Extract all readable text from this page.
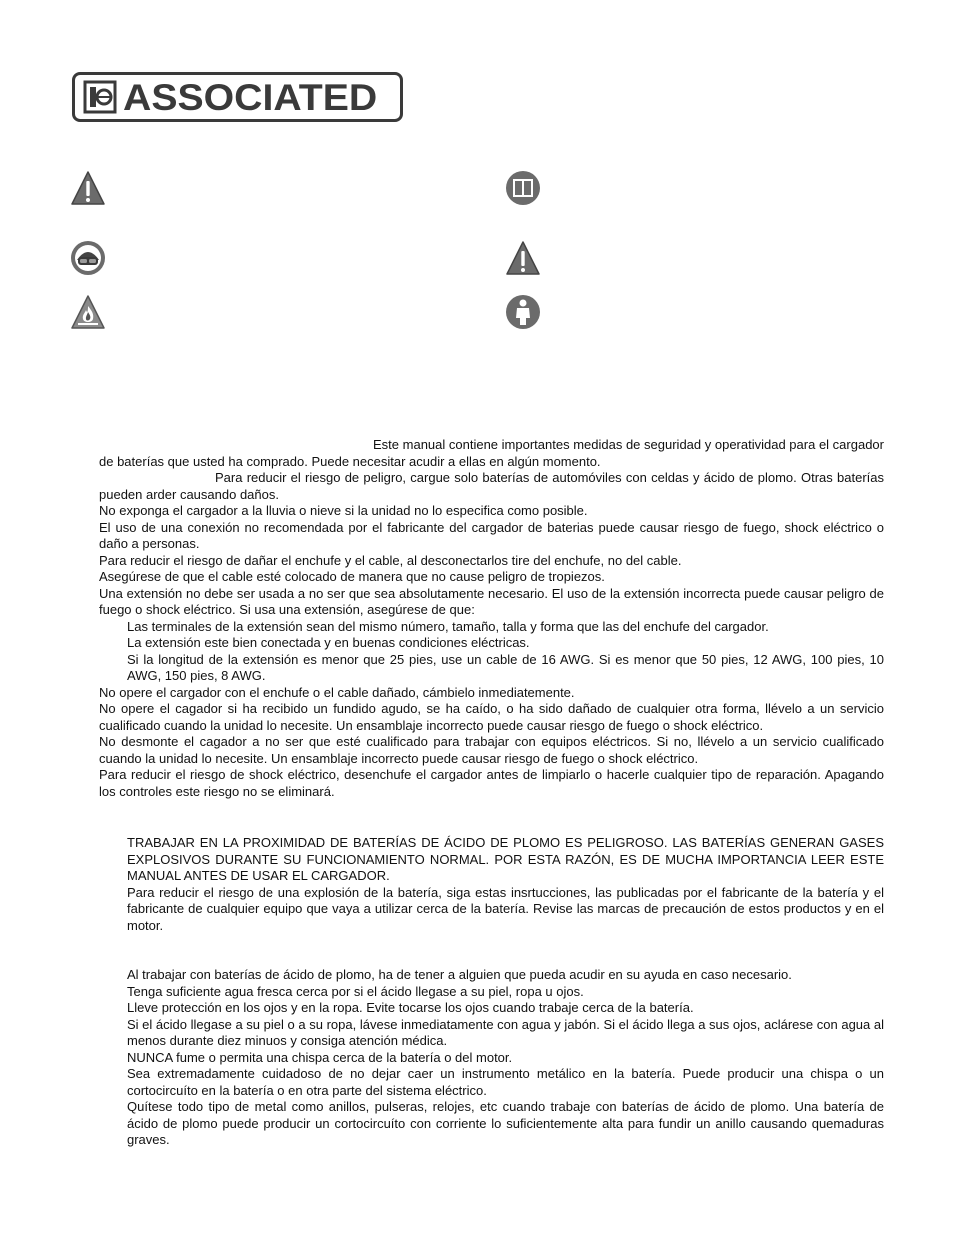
ASSOCIATED

Este manual contiene importantes medidas de seguridad y operatividad para el cargador de baterías que usted ha comprado. Puede necesitar acudir a ellas en algún momento.

Para reducir el riesgo de peligro, cargue solo baterías de automóviles con celdas y ácido de plomo. Otras baterías pueden arder causando daños.

No exponga el cargador a la lluvia o nieve si la unidad no lo especifica como posible.

El uso de una conexión no recomendada por el fabricante del cargador de baterias puede causar riesgo de fuego, shock eléctrico o daño a personas.

Para reducir el riesgo de dañar el enchufe y el cable, al desconectarlos tire del enchufe, no del cable.

Asegúrese de que el cable esté colocado de manera que no cause peligro de tropiezos.

Una extensión no debe ser usada a no ser que sea absolutamente necesario. El uso de la extensión incorrecta puede causar peligro de fuego o shock eléctrico. Si usa una extensión, asegúrese de que:

Las terminales de la extensión sean del mismo número, tamaño, talla y forma que las del enchufe del cargador.

La extensión este bien conectada y en buenas condiciones eléctricas.

Si la longitud de la extensión es menor que 25 pies, use un cable de 16 AWG. Si es menor que 50 pies, 12 AWG, 100 pies, 10 AWG, 150 pies, 8 AWG.

No opere el cargador con el enchufe o el cable dañado, cámbielo inmediatemente.

No opere el cagador si ha recibido un fundido agudo, se ha caído, o ha sido dañado de cualquier otra forma, llévelo a un servicio cualificado cuando la unidad lo necesite. Un ensamblaje incorrecto puede causar riesgo de fuego o shock eléctrico.

No desmonte el cagador a no ser que esté cualificado para trabajar con equipos eléctricos. Si no, llévelo a un servicio cualificado cuando la unidad lo necesite. Un ensamblaje incorrecto puede causar riesgo de fuego o shock eléctrico.

Para reducir el riesgo de shock eléctrico, desenchufe el cargador antes de limpiarlo o hacerle cualquier tipo de reparación. Apagando los controles este riesgo no se eliminará.

TRABAJAR EN LA PROXIMIDAD DE BATERÍAS DE ÁCIDO DE PLOMO ES PELIGROSO. LAS BATERÍAS GENERAN GASES EXPLOSIVOS DURANTE SU FUNCIONAMIENTO NORMAL. POR ESTA RAZÓN, ES DE MUCHA IMPORTANCIA LEER ESTE MANUAL ANTES DE USAR EL CARGADOR.

Para reducir el riesgo de una explosión de la batería, siga estas insrtucciones, las publicadas por el fabricante de la batería y el fabricante de cualquier equipo que vaya a utilizar cerca de la batería. Revise las marcas de precaución de estos productos y en el motor.

Al trabajar con baterías de ácido de plomo, ha de tener a alguien que pueda acudir en su ayuda en caso necesario.

Tenga suficiente agua fresca cerca por si el ácido llegase a su piel, ropa u ojos.

Lleve protección en los ojos y en la ropa. Evite tocarse los ojos cuando trabaje cerca de la batería.

Si el ácido llegase a su piel o a su ropa, lávese inmediatamente con agua y jabón. Si el ácido llega a sus ojos, aclárese con agua al menos durante diez minuos y consiga atención médica.

NUNCA fume o permita una chispa cerca de la batería o del motor.

Sea extremadamente cuidadoso de no dejar caer un instrumento metálico en la batería. Puede producir una chispa o un cortocircuíto en la batería o en otra parte del sistema eléctrico.

Quítese todo tipo de metal como anillos, pulseras, relojes, etc cuando trabaje con baterías de ácido de plomo. Una batería de ácido de plomo puede producir un cortocircuíto con corriente lo suficientemente alta para fundir un anillo causando quemaduras graves.
